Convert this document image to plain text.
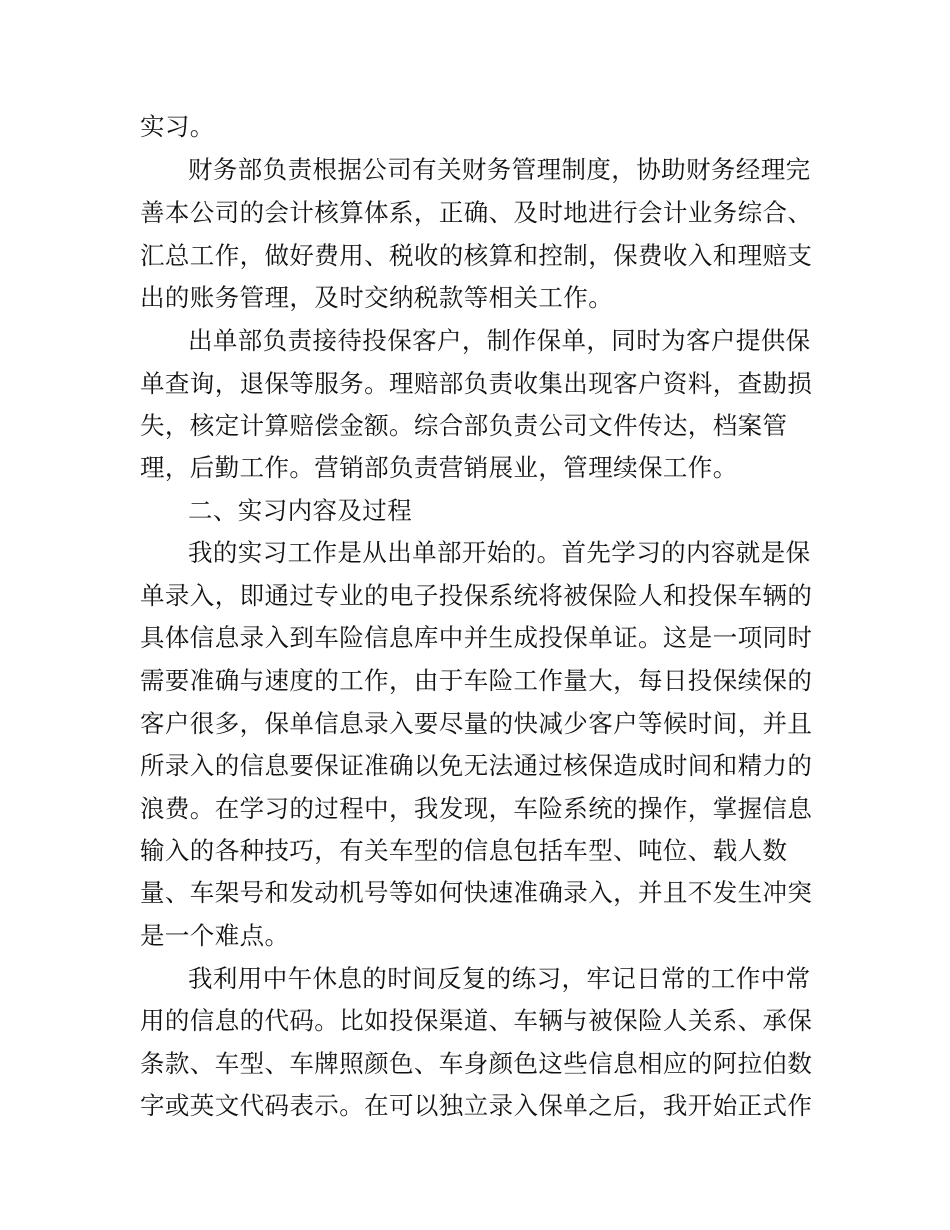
实习。
财务部负责根据公司有关财务管理制度，协助财务经理完
善本公司的会计核算体系，正确、及时地进行会计业务综合、
汇总工作，做好费用、税收的核算和控制，保费收入和理赔支
出的账务管理，及时交纳税款等相关工作。
出单部负责接待投保客户，制作保单，同时为客户提供保
单查询，退保等服务。理赔部负责收集出现客户资料，查勘损
失，核定计算赔偿金额。综合部负责公司文件传达，档案管
理，后勤工作。营销部负责营销展业，管理续保工作。
二、实习内容及过程
我的实习工作是从出单部开始的。首先学习的内容就是保
单录入，即通过专业的电子投保系统将被保险人和投保车辆的
具体信息录入到车险信息库中并生成投保单证。这是一项同时
需要准确与速度的工作，由于车险工作量大，每日投保续保的
客户很多，保单信息录入要尽量的快减少客户等候时间，并且
所录入的信息要保证准确以免无法通过核保造成时间和精力的
浪费。在学习的过程中，我发现，车险系统的操作，掌握信息
输入的各种技巧，有关车型的信息包括车型、吨位、载人数
量、车架号和发动机号等如何快速准确录入，并且不发生冲突
是一个难点。
我利用中午休息的时间反复的练习，牢记日常的工作中常
用的信息的代码。比如投保渠道、车辆与被保险人关系、承保
条款、车型、车牌照颜色、车身颜色这些信息相应的阿拉伯数
字或英文代码表示。在可以独立录入保单之后，我开始正式作
